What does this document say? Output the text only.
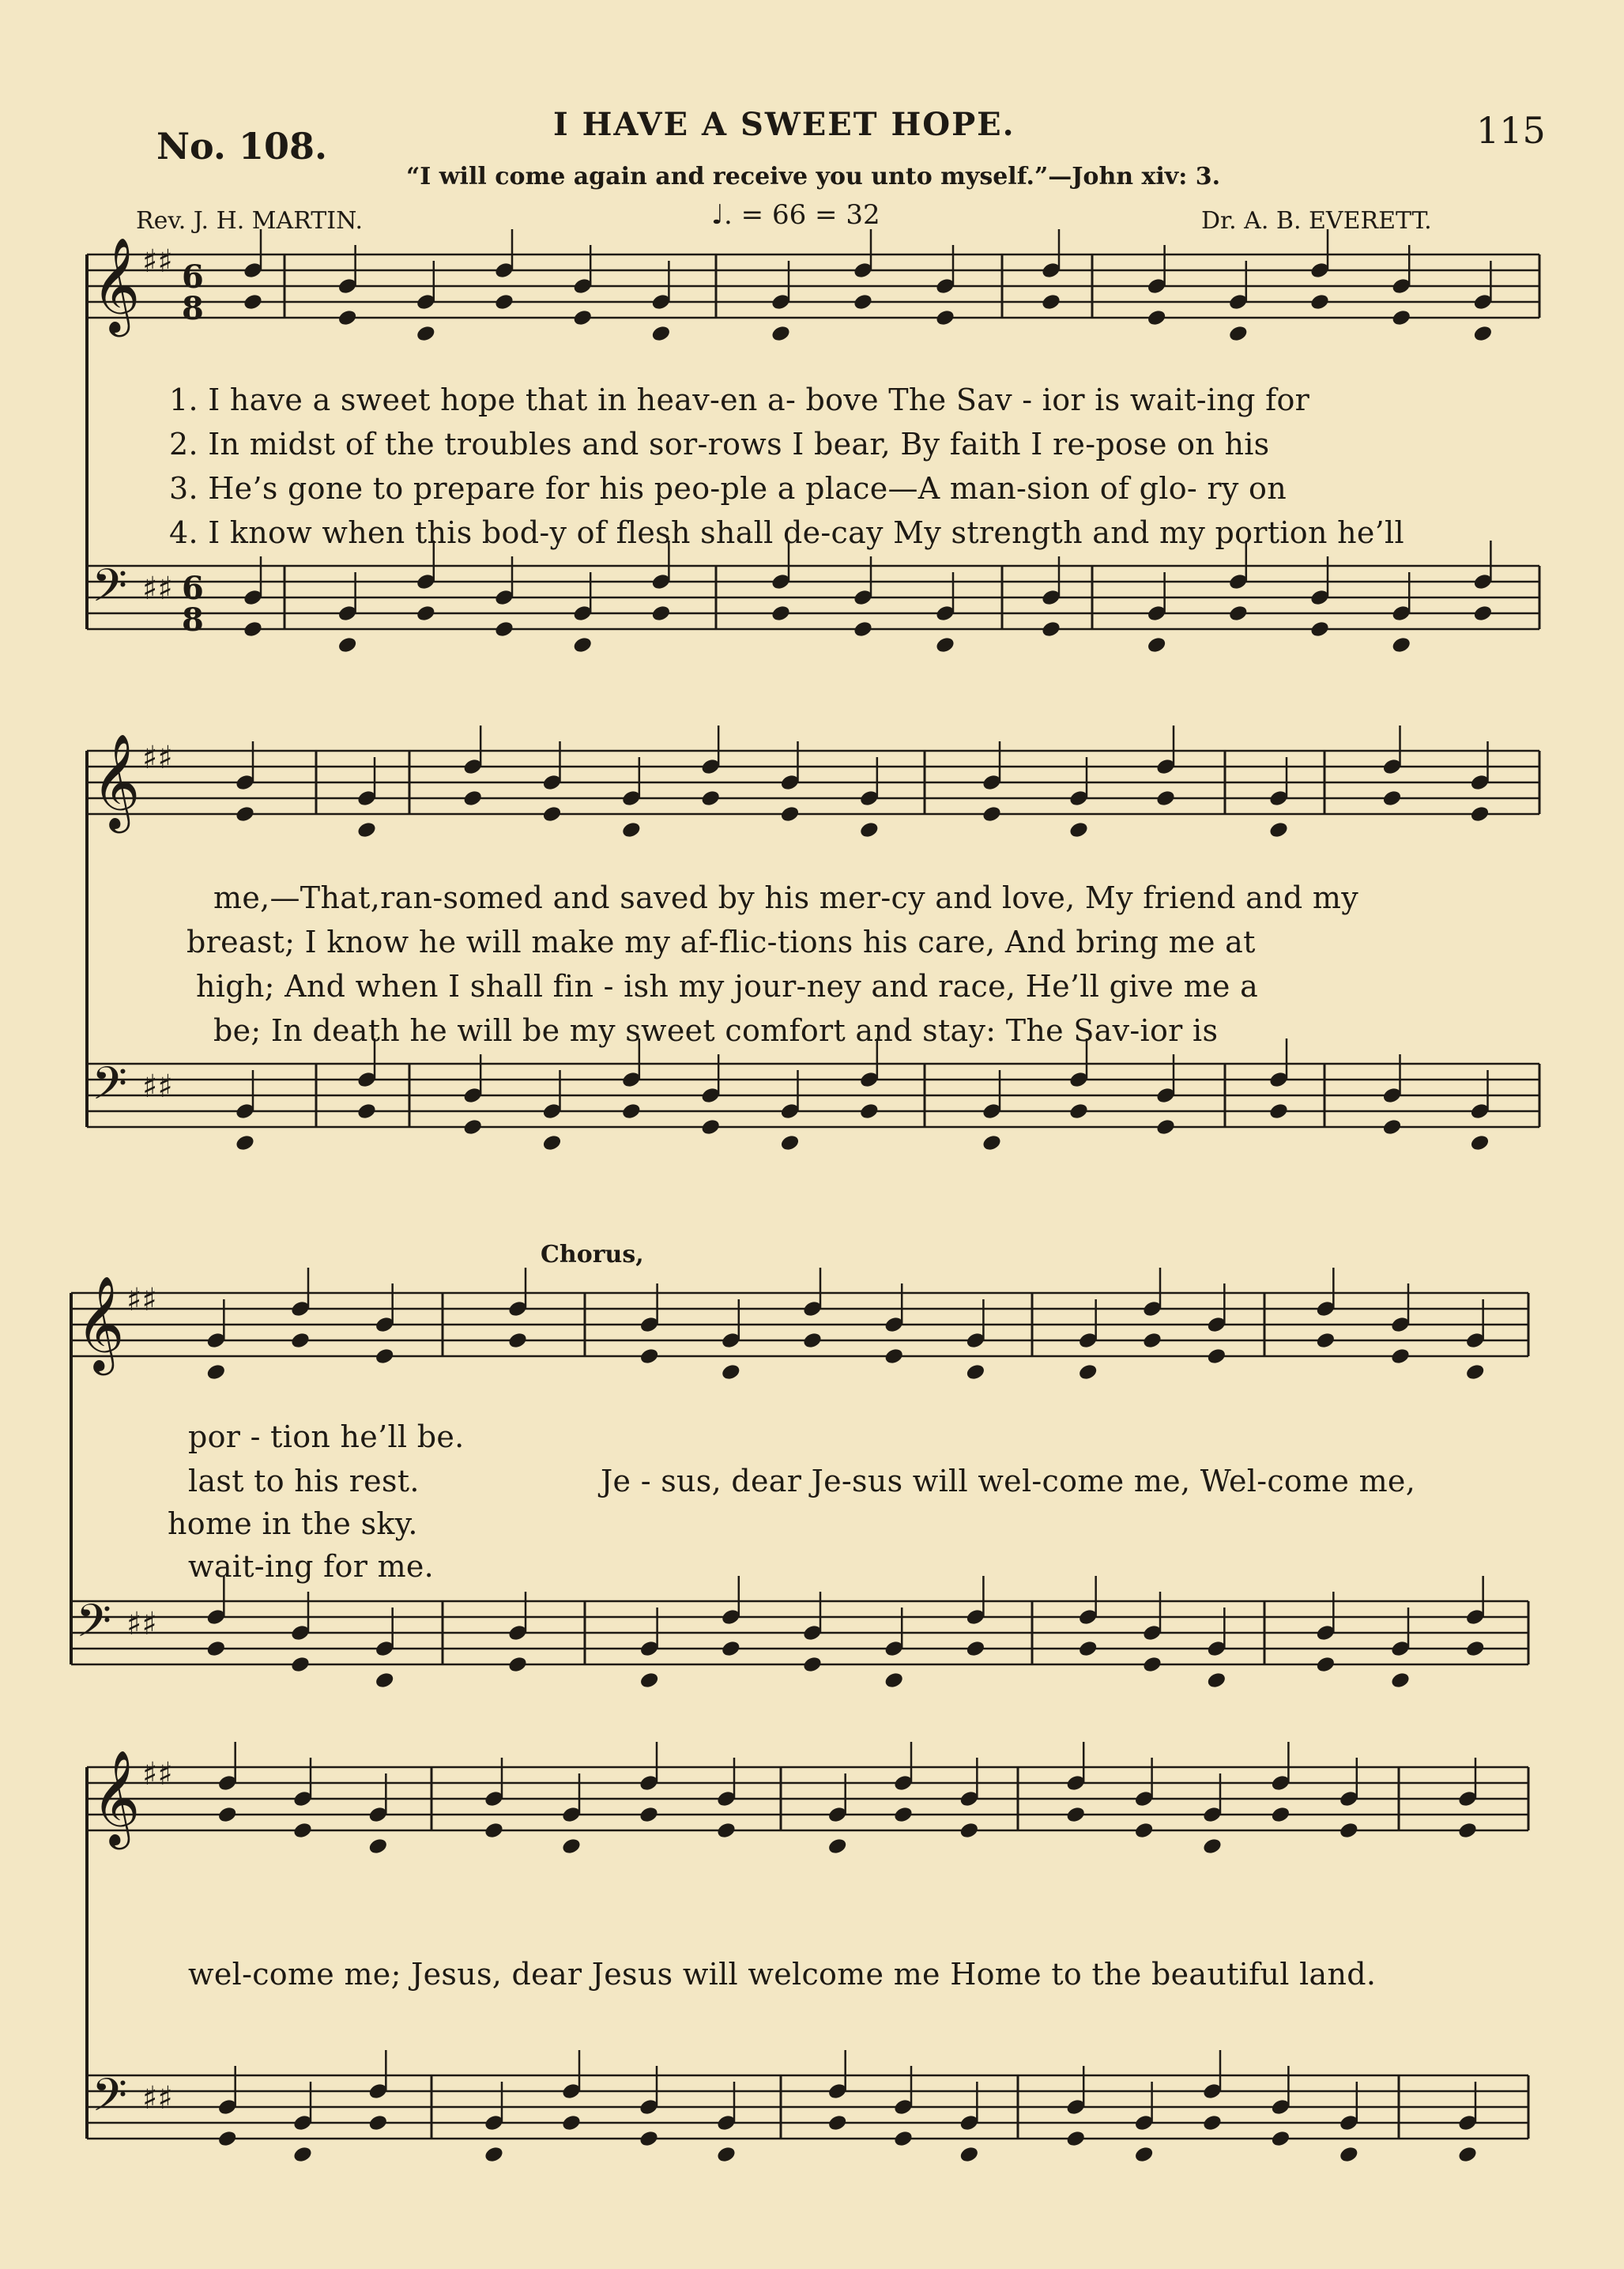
No. 108.
I HAVE A SWEET HOPE.	115
“I will come again and receive you unto myself.”—John xiv: 3.
Rev. J. H. MARTIN.	♩. = 66 = 32	Dr. A. B. EVERETT.
𝄞 ♯♯ 6
8
𝄢 ♯♯ 6
8
𝄞 ♯♯
𝄢 ♯♯
𝄞 ♯♯
𝄢 ♯♯
𝄞 ♯♯
𝄢 ♯♯
1. I have a sweet hope that in heav-en a- bove The Sav - ior is wait-ing for
2. In midst of the troubles and sor-rows I bear, By faith I re-pose on his
3. He’s gone to prepare for his peo-ple a place—A man-sion of glo- ry on
4. I know when this bod-y of flesh shall de-cay My strength and my portion he’ll
me,—That,ran-somed and saved by his mer-cy and love, My friend and my
breast; I know he will make my af-flic-tions his care, And bring me at
high; And when I shall fin - ish my jour-ney and race, He’ll give me a
be; In death he will be my sweet comfort and stay: The Sav-ior is
Chorus,
por - tion he’ll be.
last to his rest.
home in the sky.
wait-ing for me.
Je - sus, dear Je-sus will wel-come me, Wel-come me,
wel-come me; Jesus, dear Jesus will welcome me Home to the beautiful land.
